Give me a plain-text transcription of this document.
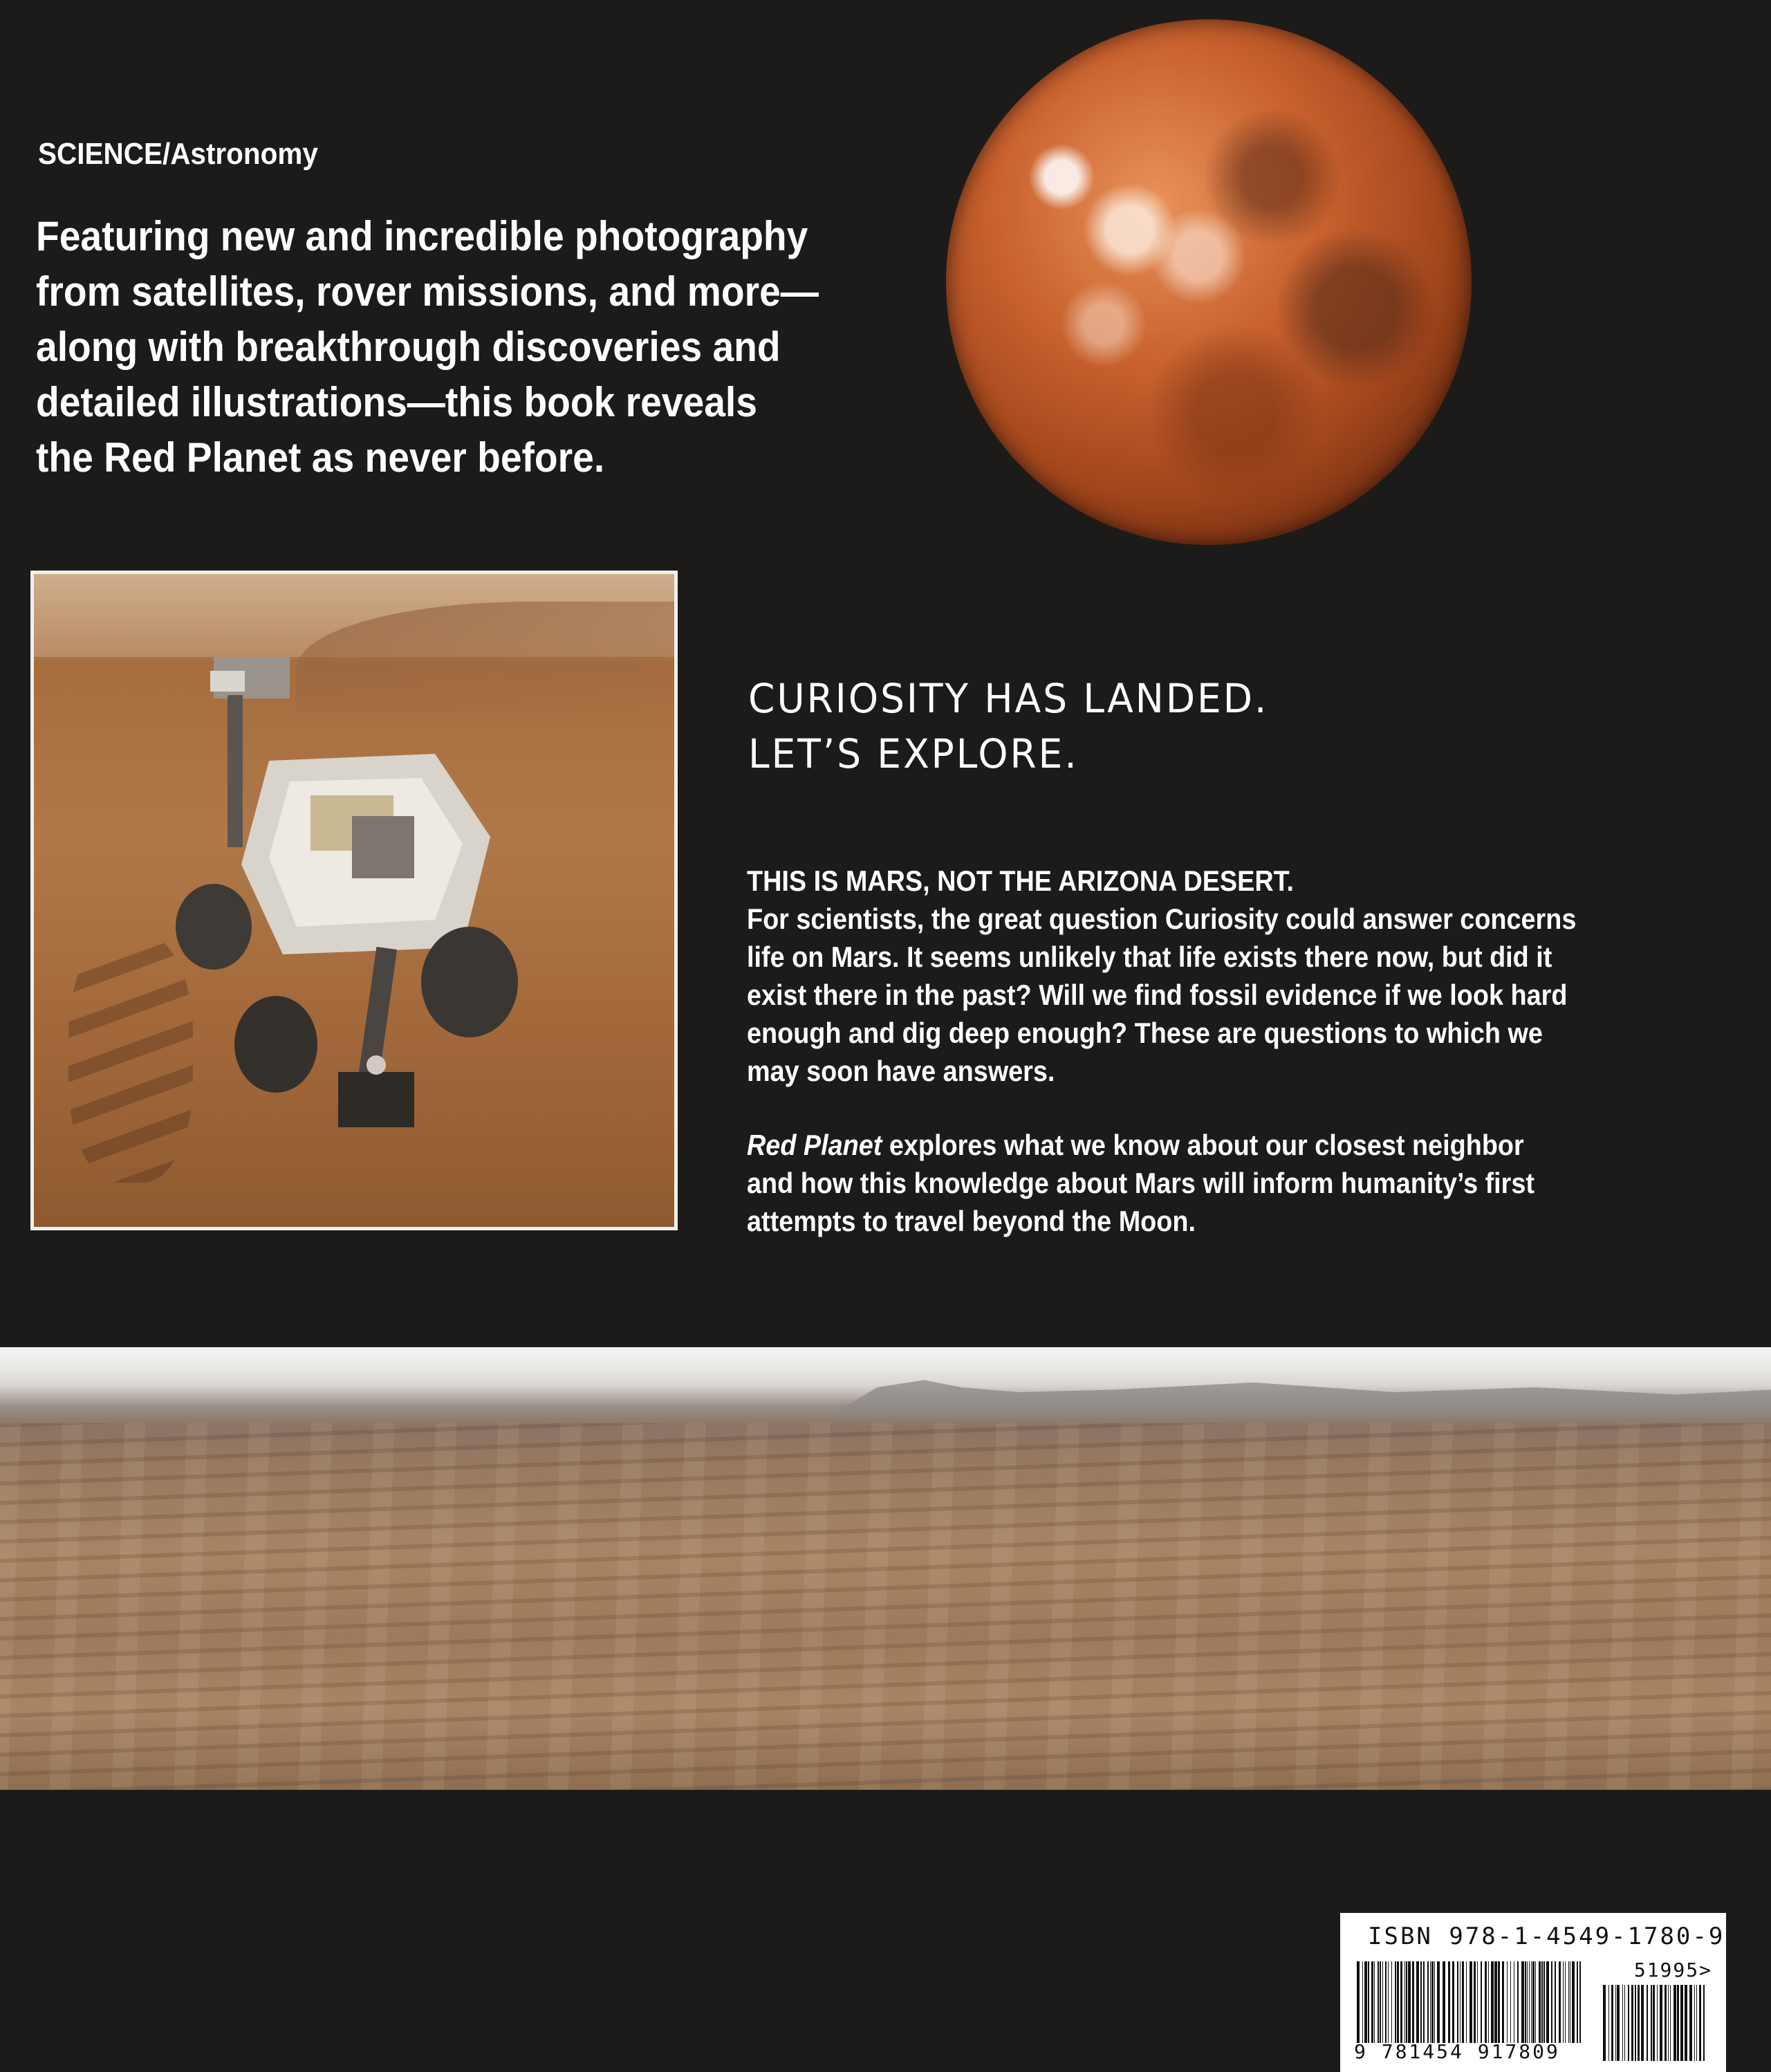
SCIENCE/Astronomy
Featuring new and incredible photography
from satellites, rover missions, and more—
along with breakthrough discoveries and
detailed illustrations—this book reveals
the Red Planet as never before.
CURIOSITY HAS LANDED.
LET’S EXPLORE.
THIS IS MARS, NOT THE ARIZONA DESERT.
For scientists, the great question Curiosity could answer concerns
life on Mars. It seems unlikely that life exists there now, but did it
exist there in the past? Will we find fossil evidence if we look hard
enough and dig deep enough? These are questions to which we
may soon have answers.
Red Planet explores what we know about our closest neighbor
and how this knowledge about Mars will inform humanity’s first
attempts to travel beyond the Moon.
ISBN 978-1-4549-1780-9
51995>
9 781454 917809
